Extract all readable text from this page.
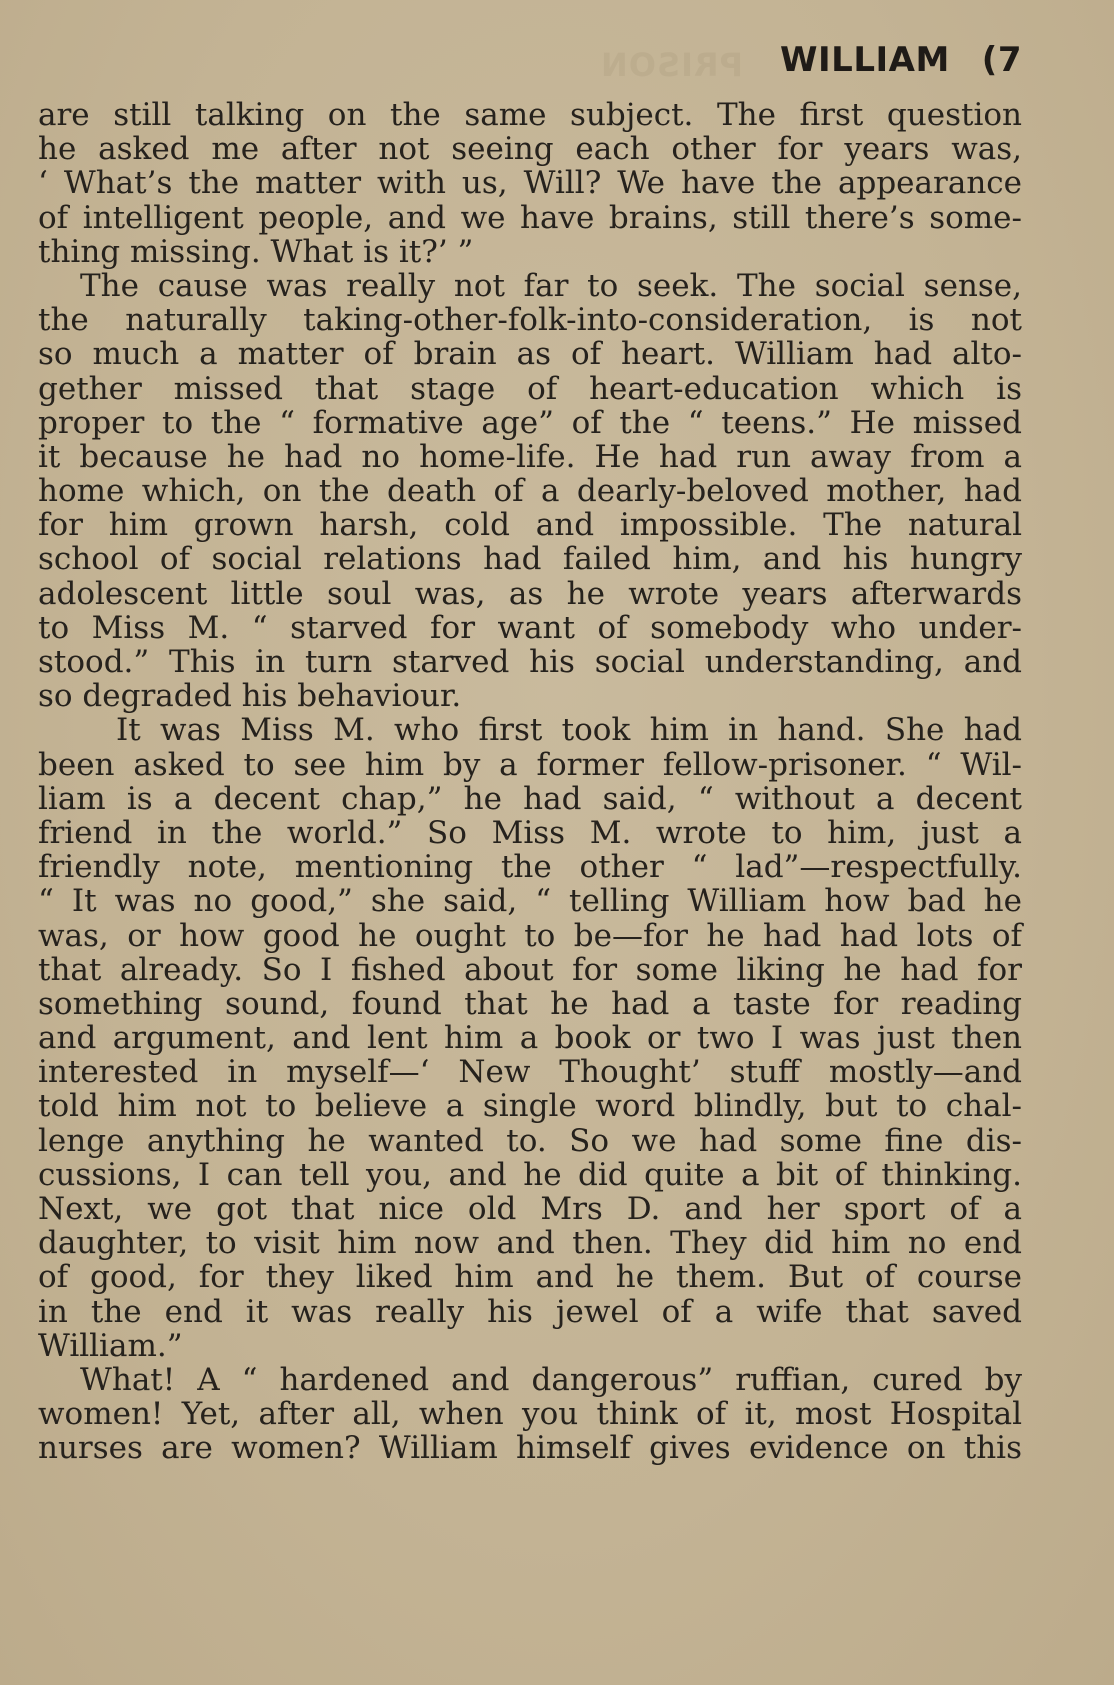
PRISON WILLIAM (7
are still talking on the same subject. The first question
he asked me after not seeing each other for years was,
‘ What’s the matter with us, Will? We have the appearance
of intelligent people, and we have brains, still there’s some-
thing missing. What is it?’ ”
The cause was really not far to seek. The social sense,
the naturally taking-other-folk-into-consideration, is not
so much a matter of brain as of heart. William had alto-
gether missed that stage of heart-education which is
proper to the “ formative age” of the “ teens.” He missed
it because he had no home-life. He had run away from a
home which, on the death of a dearly-beloved mother, had
for him grown harsh, cold and impossible. The natural
school of social relations had failed him, and his hungry
adolescent little soul was, as he wrote years afterwards
to Miss M. “ starved for want of somebody who under-
stood.” This in turn starved his social understanding, and
so degraded his behaviour.
It was Miss M. who first took him in hand. She had
been asked to see him by a former fellow-prisoner. “ Wil-
liam is a decent chap,” he had said, “ without a decent
friend in the world.” So Miss M. wrote to him, just a
friendly note, mentioning the other “ lad”—respectfully.
“ It was no good,” she said, “ telling William how bad he
was, or how good he ought to be—for he had had lots of
that already. So I fished about for some liking he had for
something sound, found that he had a taste for reading
and argument, and lent him a book or two I was just then
interested in myself—‘ New Thought’ stuff mostly—and
told him not to believe a single word blindly, but to chal-
lenge anything he wanted to. So we had some fine dis-
cussions, I can tell you, and he did quite a bit of thinking.
Next, we got that nice old Mrs D. and her sport of a
daughter, to visit him now and then. They did him no end
of good, for they liked him and he them. But of course
in the end it was really his jewel of a wife that saved
William.”
What! A “ hardened and dangerous” ruffian, cured by
women! Yet, after all, when you think of it, most Hospital
nurses are women? William himself gives evidence on this
